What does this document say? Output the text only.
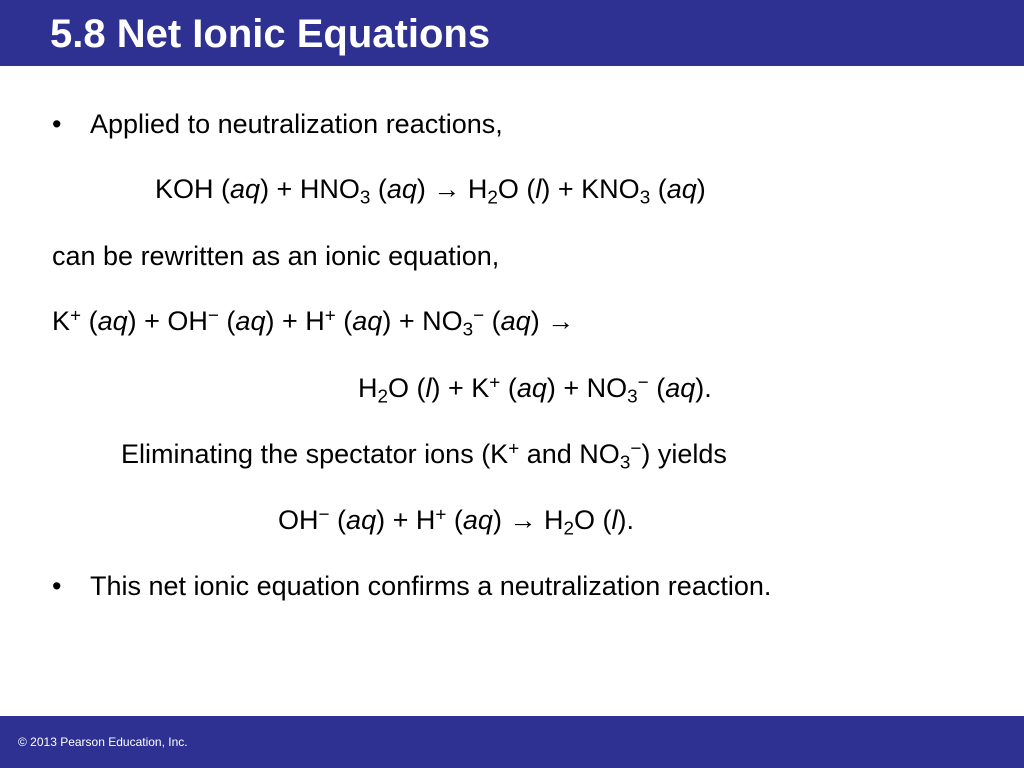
5.8 Net Ionic Equations
• Applied to neutralization reactions,
KOH $(aq) + HNO_3$ $(aq) \to H_2O$ $(l) + KNO_3$ (aq)
can be rewritten as an ionic equation,
K+ (aq) + OH− (aq) + H+ $(aq) + NO_3^-$ (aq) →
$H_2O$ (l) + K+ $(aq) + NO_3^-$ (aq).
Eliminating the spectator ions (K+ and $NO_3^-$) yields
OH− (aq) + H+ $(aq) \to H_2O$ (l).
• This net ionic equation confirms a neutralization reaction.
© 2013 Pearson Education, Inc.
